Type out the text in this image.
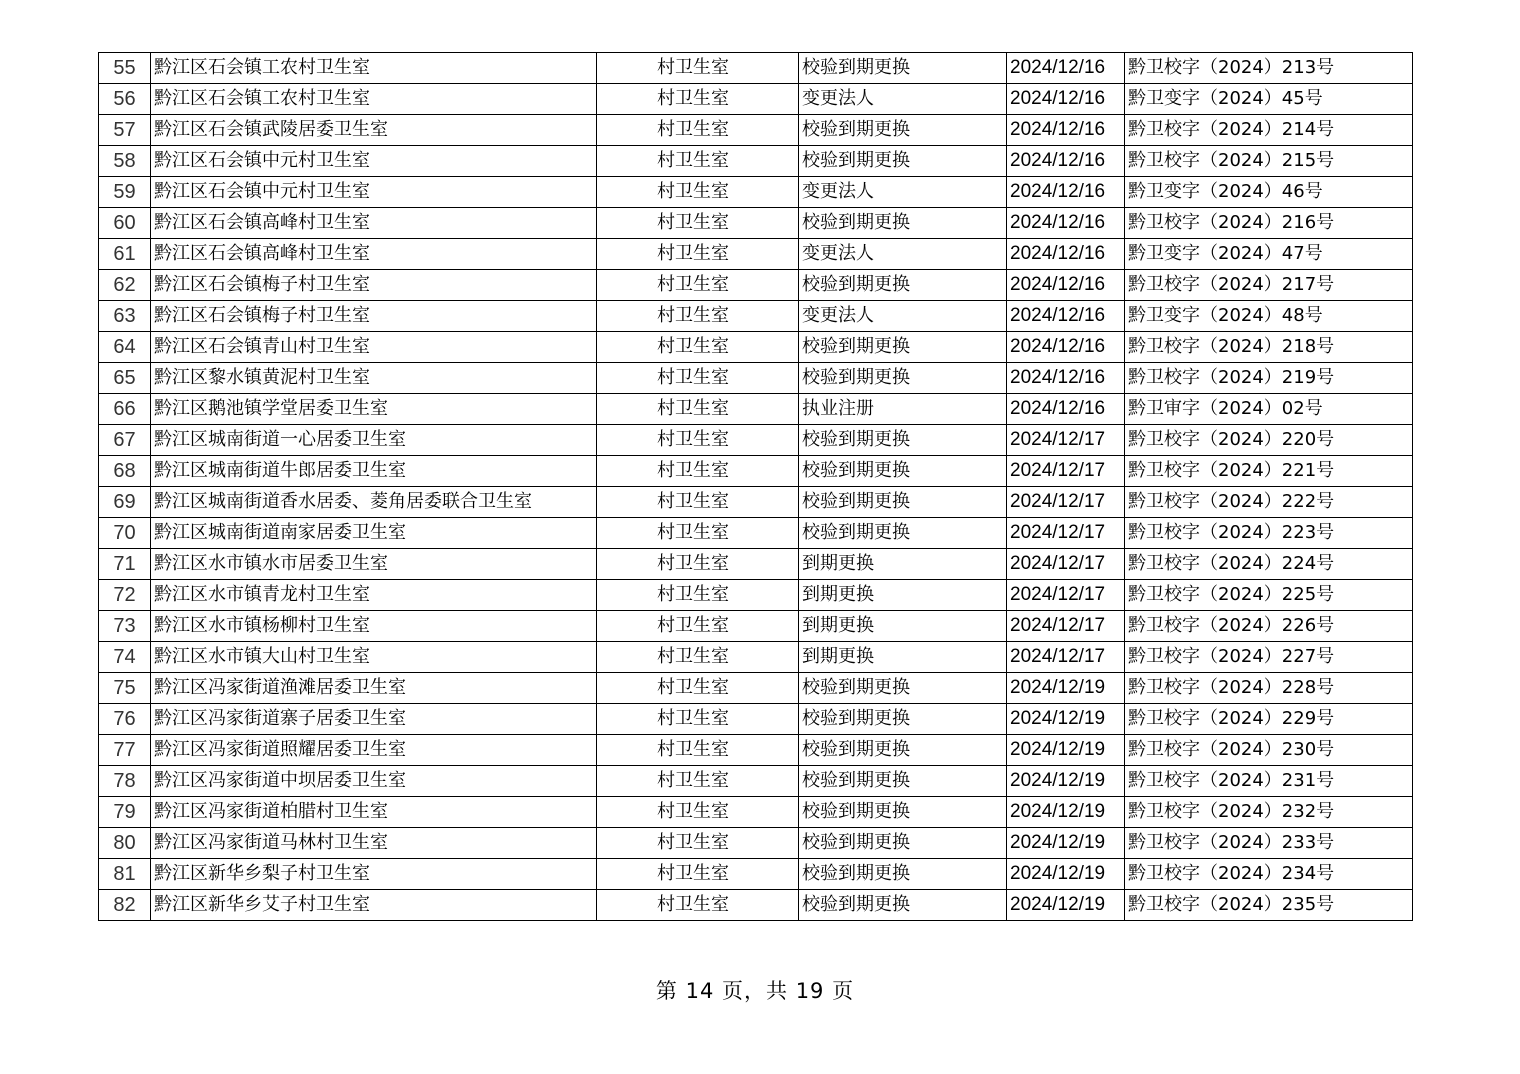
55	黔江区石会镇工农村卫生室	村卫生室	校验到期更换	2024/12/16	黔卫校字（2024）213号
56	黔江区石会镇工农村卫生室	村卫生室	变更法人	2024/12/16	黔卫变字（2024）45号
57	黔江区石会镇武陵居委卫生室	村卫生室	校验到期更换	2024/12/16	黔卫校字（2024）214号
58	黔江区石会镇中元村卫生室	村卫生室	校验到期更换	2024/12/16	黔卫校字（2024）215号
59	黔江区石会镇中元村卫生室	村卫生室	变更法人	2024/12/16	黔卫变字（2024）46号
60	黔江区石会镇高峰村卫生室	村卫生室	校验到期更换	2024/12/16	黔卫校字（2024）216号
61	黔江区石会镇高峰村卫生室	村卫生室	变更法人	2024/12/16	黔卫变字（2024）47号
62	黔江区石会镇梅子村卫生室	村卫生室	校验到期更换	2024/12/16	黔卫校字（2024）217号
63	黔江区石会镇梅子村卫生室	村卫生室	变更法人	2024/12/16	黔卫变字（2024）48号
64	黔江区石会镇青山村卫生室	村卫生室	校验到期更换	2024/12/16	黔卫校字（2024）218号
65	黔江区黎水镇黄泥村卫生室	村卫生室	校验到期更换	2024/12/16	黔卫校字（2024）219号
66	黔江区鹅池镇学堂居委卫生室	村卫生室	执业注册	2024/12/16	黔卫审字（2024）02号
67	黔江区城南街道一心居委卫生室	村卫生室	校验到期更换	2024/12/17	黔卫校字（2024）220号
68	黔江区城南街道牛郎居委卫生室	村卫生室	校验到期更换	2024/12/17	黔卫校字（2024）221号
69	黔江区城南街道香水居委、菱角居委联合卫生室	村卫生室	校验到期更换	2024/12/17	黔卫校字（2024）222号
70	黔江区城南街道南家居委卫生室	村卫生室	校验到期更换	2024/12/17	黔卫校字（2024）223号
71	黔江区水市镇水市居委卫生室	村卫生室	到期更换	2024/12/17	黔卫校字（2024）224号
72	黔江区水市镇青龙村卫生室	村卫生室	到期更换	2024/12/17	黔卫校字（2024）225号
73	黔江区水市镇杨柳村卫生室	村卫生室	到期更换	2024/12/17	黔卫校字（2024）226号
74	黔江区水市镇大山村卫生室	村卫生室	到期更换	2024/12/17	黔卫校字（2024）227号
75	黔江区冯家街道渔滩居委卫生室	村卫生室	校验到期更换	2024/12/19	黔卫校字（2024）228号
76	黔江区冯家街道寨子居委卫生室	村卫生室	校验到期更换	2024/12/19	黔卫校字（2024）229号
77	黔江区冯家街道照耀居委卫生室	村卫生室	校验到期更换	2024/12/19	黔卫校字（2024）230号
78	黔江区冯家街道中坝居委卫生室	村卫生室	校验到期更换	2024/12/19	黔卫校字（2024）231号
79	黔江区冯家街道柏腊村卫生室	村卫生室	校验到期更换	2024/12/19	黔卫校字（2024）232号
80	黔江区冯家街道马林村卫生室	村卫生室	校验到期更换	2024/12/19	黔卫校字（2024）233号
81	黔江区新华乡梨子村卫生室	村卫生室	校验到期更换	2024/12/19	黔卫校字（2024）234号
82	黔江区新华乡艾子村卫生室	村卫生室	校验到期更换	2024/12/19	黔卫校字（2024）235号
第 14 页，共 19 页
